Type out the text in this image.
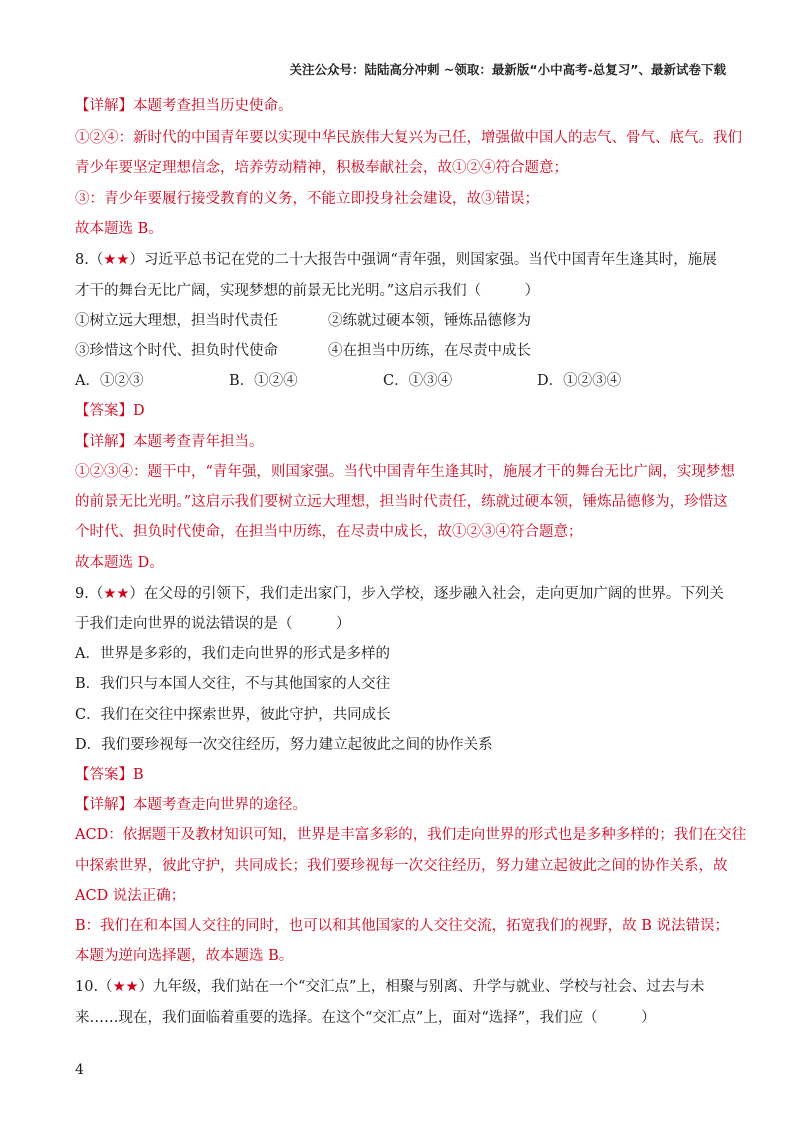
关注公众号：陆陆高分冲刺 ~领取：最新版“小中高考-总复习”、最新试卷下载
【详解】本题考查担当历史使命。
①②④：新时代的中国青年要以实现中华民族伟大复兴为己任，增强做中国人的志气、骨气、底气。我们
青少年要坚定理想信念，培养劳动精神，积极奉献社会，故①②④符合题意；
③：青少年要履行接受教育的义务，不能立即投身社会建设，故③错误；
故本题选 B。
8.（★★）习近平总书记在党的二十大报告中强调“青年强，则国家强。当代中国青年生逢其时，施展
才干的舞台无比广阔，实现梦想的前景无比光明。”这启示我们（　　　）
①树立远大理想，担当时代责任	②练就过硬本领，锤炼品德修为
③珍惜这个时代、担负时代使命	④在担当中历练，在尽责中成长
A．①②③	B．①②④	C．①③④	D．①②③④
【答案】D
【详解】本题考查青年担当。
①②③④：题干中，“青年强，则国家强。当代中国青年生逢其时，施展才干的舞台无比广阔，实现梦想
的前景无比光明。”这启示我们要树立远大理想，担当时代责任，练就过硬本领，锤炼品德修为，珍惜这
个时代、担负时代使命，在担当中历练，在尽责中成长，故①②③④符合题意；
故本题选 D。
9.（★★）在父母的引领下，我们走出家门，步入学校，逐步融入社会，走向更加广阔的世界。下列关
于我们走向世界的说法错误的是（　　　）
A．世界是多彩的，我们走向世界的形式是多样的
B．我们只与本国人交往，不与其他国家的人交往
C．我们在交往中探索世界，彼此守护，共同成长
D．我们要珍视每一次交往经历，努力建立起彼此之间的协作关系
【答案】B
【详解】本题考查走向世界的途径。
ACD：依据题干及教材知识可知，世界是丰富多彩的，我们走向世界的形式也是多种多样的；我们在交往
中探索世界，彼此守护，共同成长；我们要珍视每一次交往经历，努力建立起彼此之间的协作关系，故
ACD 说法正确；
B：我们在和本国人交往的同时，也可以和其他国家的人交往交流，拓宽我们的视野，故 B 说法错误；
本题为逆向选择题，故本题选 B。
10.（★★）九年级，我们站在一个“交汇点”上，相聚与别离、升学与就业、学校与社会、过去与未
来……现在，我们面临着重要的选择。在这个“交汇点”上，面对“选择”，我们应（　　　）
4
